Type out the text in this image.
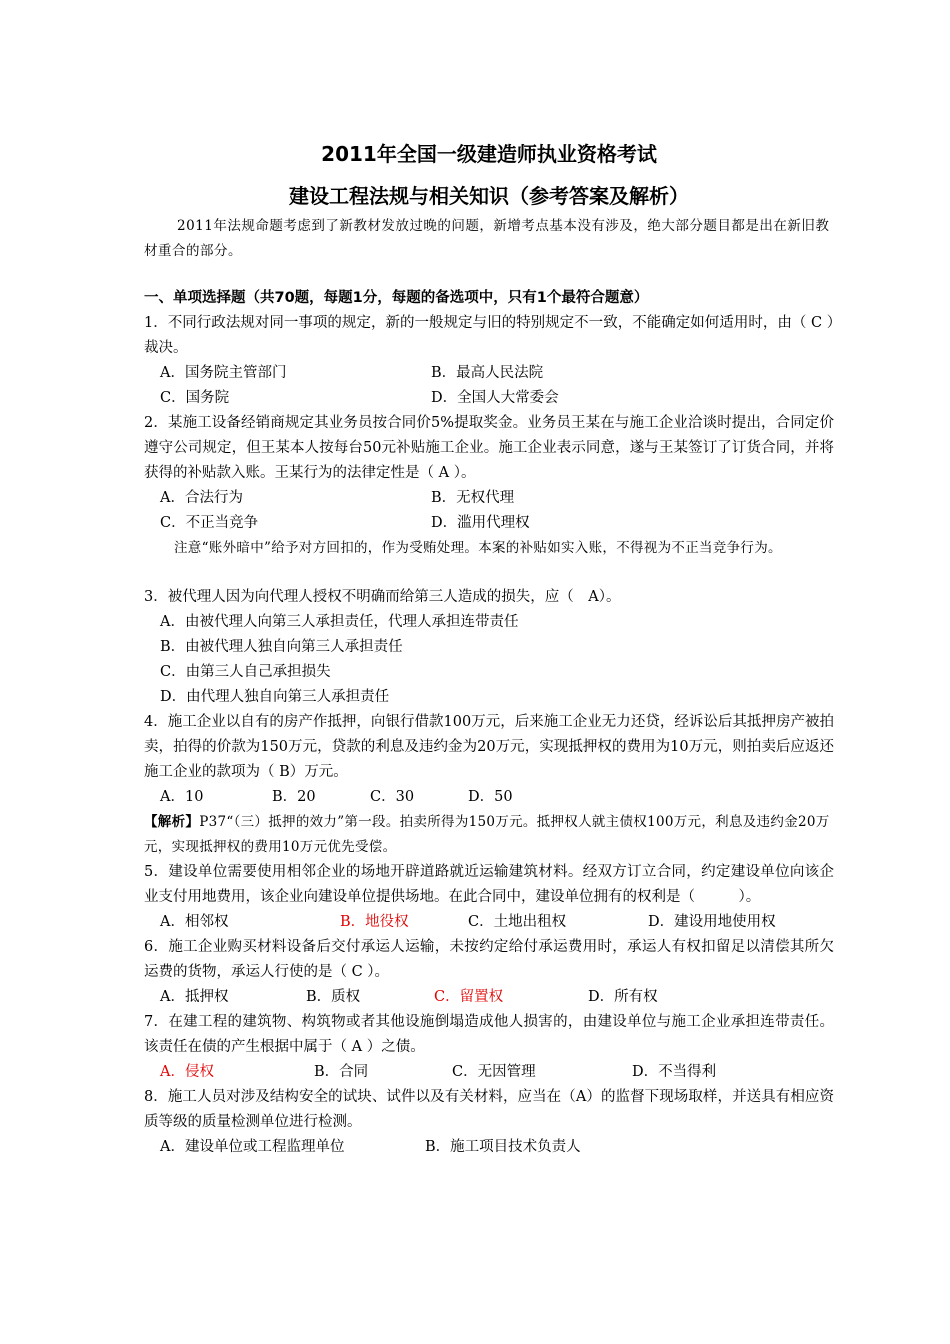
2011年全国一级建造师执业资格考试
建设工程法规与相关知识（参考答案及解析）

2011年法规命题考虑到了新教材发放过晚的问题，新增考点基本没有涉及，绝大部分题目都是出在新旧教材重合的部分。

一、单项选择题（共70题，每题1分，每题的备选项中，只有1个最符合题意）

1．不同行政法规对同一事项的规定，新的一般规定与旧的特别规定不一致，不能确定如何适用时，由（ C ）裁决。

A．国务院主管部门	B．最高人民法院
C．国务院	D．全国人大常委会

2．某施工设备经销商规定其业务员按合同价5%提取奖金。业务员王某在与施工企业洽谈时提出，合同定价遵守公司规定，但王某本人按每台50元补贴施工企业。施工企业表示同意，遂与王某签订了订货合同，并将获得的补贴款入账。王某行为的法律定性是（ A ）。

A．合法行为	B．无权代理
C．不正当竞争	D．滥用代理权

注意“账外暗中”给予对方回扣的，作为受贿处理。本案的补贴如实入账，不得视为不正当竞争行为。

3．被代理人因为向代理人授权不明确而给第三人造成的损失，应（　A）。

A．由被代理人向第三人承担责任，代理人承担连带责任
B．由被代理人独自向第三人承担责任
C．由第三人自己承担损失
D．由代理人独自向第三人承担责任

4．施工企业以自有的房产作抵押，向银行借款100万元，后来施工企业无力还贷，经诉讼后其抵押房产被拍卖，拍得的价款为150万元，贷款的利息及违约金为20万元，实现抵押权的费用为10万元，则拍卖后应返还施工企业的款项为（ B）万元。

A．10	B．20	C．30	D．50

【解析】P37“（三）抵押的效力”第一段。拍卖所得为150万元。抵押权人就主债权100万元，利息及违约金20万元，实现抵押权的费用10万元优先受偿。

5．建设单位需要使用相邻企业的场地开辟道路就近运输建筑材料。经双方订立合同，约定建设单位向该企业支付用地费用，该企业向建设单位提供场地。在此合同中，建设单位拥有的权利是（　　　）。

A．相邻权	B．地役权	C．土地出租权	D．建设用地使用权

6．施工企业购买材料设备后交付承运人运输，未按约定给付承运费用时，承运人有权扣留足以清偿其所欠运费的货物，承运人行使的是（ C ）。

A．抵押权	B．质权	C．留置权	D．所有权

7．在建工程的建筑物、构筑物或者其他设施倒塌造成他人损害的，由建设单位与施工企业承担连带责任。该责任在债的产生根据中属于（ A ）之债。

A．侵权	B．合同	C．无因管理	D．不当得利

8．施工人员对涉及结构安全的试块、试件以及有关材料，应当在（A）的监督下现场取样，并送具有相应资质等级的质量检测单位进行检测。

A．建设单位或工程监理单位	B．施工项目技术负责人
